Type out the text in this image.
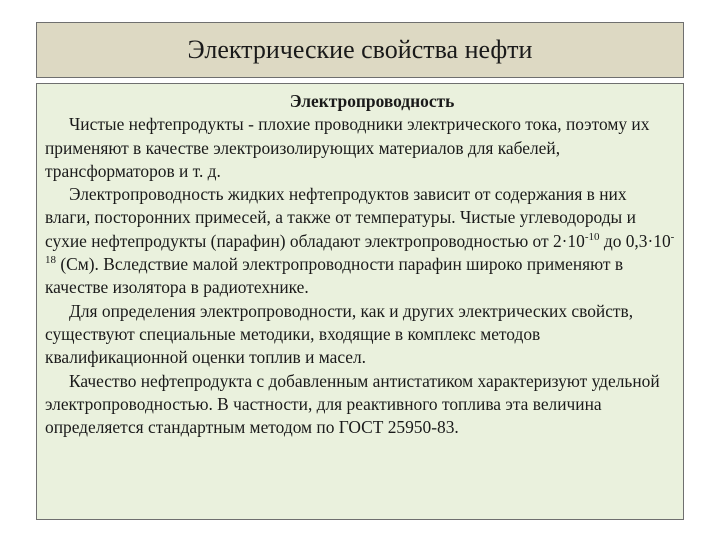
Электрические свойства нефти

Электропроводность

Чистые нефтепродукты - плохие проводники электрического тока, поэтому их применяют в качестве электроизолирующих материалов для кабелей, трансформаторов и т. д.

Электропроводность жидких нефтепродуктов зависит от содержания в них влаги, посторонних примесей, а также от температуры. Чистые углеводороды и сухие нефтепродукты (парафин) обладают электропроводностью от $2\cdot 10^{-10}$ до $0,3\cdot 10^{-18}$ (См). Вследствие малой электропроводности парафин широко применяют в качестве изолятора в радиотехнике.

Для определения электропроводности, как и других электрических свойств, существуют специальные методики, входящие в комплекс методов квалификационной оценки топлив и масел.

Качество нефтепродукта с добавленным антистатиком характеризуют удельной электропроводностью. В частности, для реактивного топлива эта величина определяется стандартным методом по ГОСТ 25950-83.
